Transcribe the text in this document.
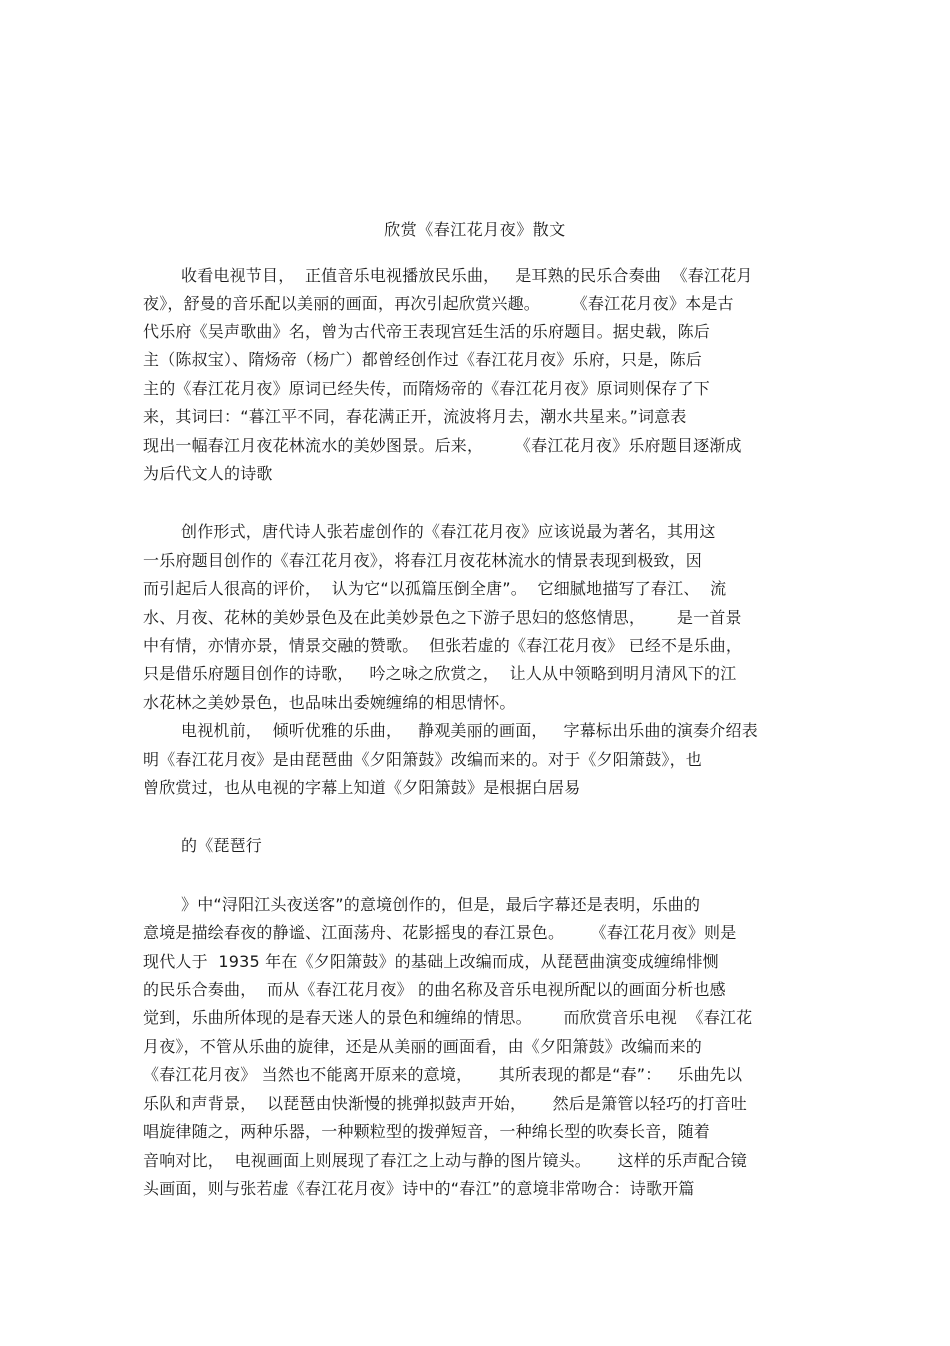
欣赏《春江花月夜》散文
收看电视节目，  正值音乐电视播放民乐曲，   是耳熟的民乐合奏曲  《春江花月
夜》，舒曼的音乐配以美丽的画面，再次引起欣赏兴趣。      《春江花月夜》本是古
代乐府《吴声歌曲》名，曾为古代帝王表现宫廷生活的乐府题目。据史载，陈后
主（陈叔宝）、隋炀帝（杨广）都曾经创作过《春江花月夜》乐府，只是，陈后
主的《春江花月夜》原词已经失传，而隋炀帝的《春江花月夜》原词则保存了下
来，其词曰：“暮江平不同，春花满正开，流波将月去，潮水共星来。”词意表
现出一幅春江月夜花林流水的美妙图景。后来，      《春江花月夜》乐府题目逐渐成
为后代文人的诗歌
创作形式，唐代诗人张若虚创作的《春江花月夜》应该说最为著名，其用这
一乐府题目创作的《春江花月夜》，将春江月夜花林流水的情景表现到极致，因
而引起后人很高的评价，  认为它“以孤篇压倒全唐”。  它细腻地描写了春江、  流
水、月夜、花林的美妙景色及在此美妙景色之下游子思妇的悠悠情思，      是一首景
中有情，亦情亦景，情景交融的赞歌。  但张若虚的《春江花月夜》 已经不是乐曲，
只是借乐府题目创作的诗歌，   吟之咏之欣赏之，  让人从中领略到明月清风下的江
水花林之美妙景色，也品味出委婉缠绵的相思情怀。
电视机前，  倾听优雅的乐曲，   静观美丽的画面，   字幕标出乐曲的演奏介绍表
明《春江花月夜》是由琵琶曲《夕阳箫鼓》改编而来的。对于《夕阳箫鼓》，也
曾欣赏过，也从电视的字幕上知道《夕阳箫鼓》是根据白居易
的《琵琶行
》中“浔阳江头夜送客”的意境创作的，但是，最后字幕还是表明，乐曲的
意境是描绘春夜的静谧、江面荡舟、花影摇曳的春江景色。     《春江花月夜》则是
现代人于  1935 年在《夕阳箫鼓》的基础上改编而成，从琵琶曲演变成缠绵悱恻
的民乐合奏曲，  而从《春江花月夜》 的曲名称及音乐电视所配以的画面分析也感
觉到，乐曲所体现的是春天迷人的景色和缠绵的情思。      而欣赏音乐电视  《春江花
月夜》，不管从乐曲的旋律，还是从美丽的画面看，由《夕阳箫鼓》改编而来的
《春江花月夜》 当然也不能离开原来的意境，     其所表现的都是“春”：   乐曲先以
乐队和声背景，  以琵琶由快渐慢的挑弹拟鼓声开始，     然后是箫管以轻巧的打音吐
唱旋律随之，两种乐器，一种颗粒型的拨弹短音，一种绵长型的吹奏长音，随着
音响对比，  电视画面上则展现了春江之上动与静的图片镜头。     这样的乐声配合镜
头画面，则与张若虚《春江花月夜》诗中的“春江”的意境非常吻合：诗歌开篇
